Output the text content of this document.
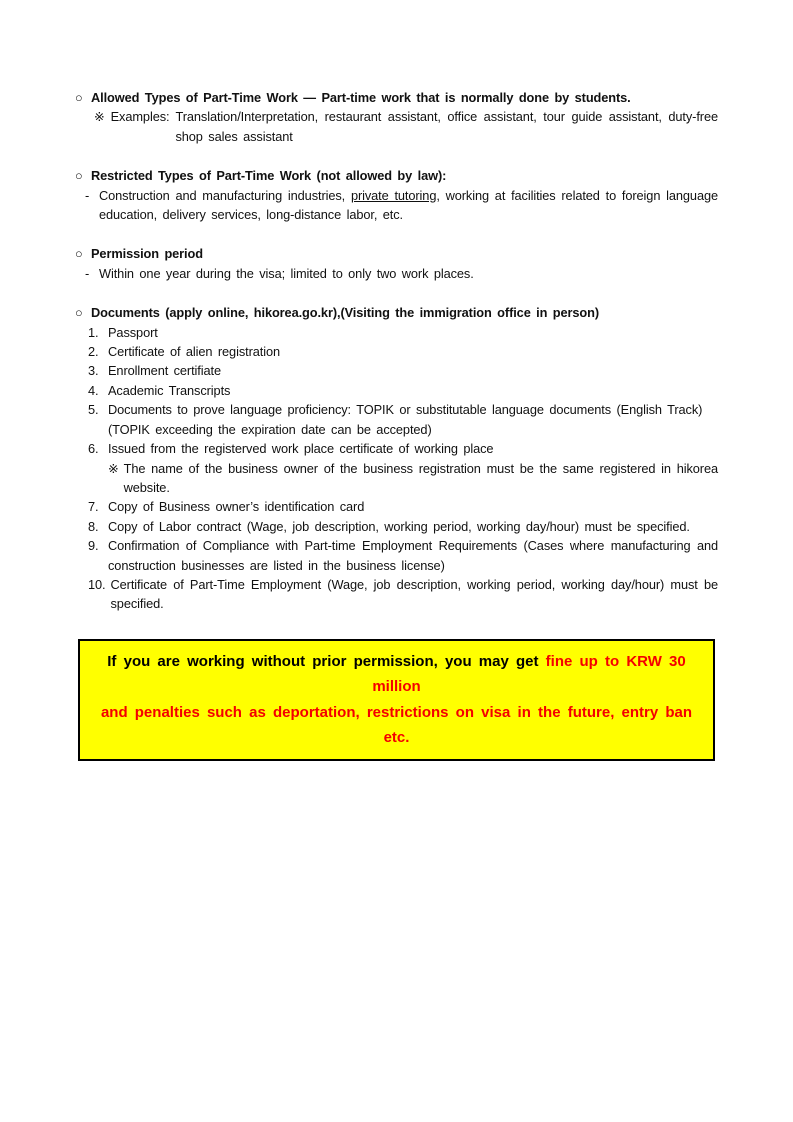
○ Allowed Types of Part-Time Work — Part-time work that is normally done by students.
※ Examples: Translation/Interpretation, restaurant assistant, office assistant, tour guide assistant, duty-free shop sales assistant
○ Restricted Types of Part-Time Work (not allowed by law):
- Construction and manufacturing industries, private tutoring, working at facilities related to foreign language education, delivery services, long-distance labor, etc.
○ Permission period
- Within one year during the visa; limited to only two work places.
○ Documents (apply online, hikorea.go.kr),(Visiting the immigration office in person)
1. Passport
2. Certificate of alien registration
3. Enrollment certifiate
4. Academic Transcripts
5. Documents to prove language proficiency: TOPIK or substitutable language documents (English Track)
(TOPIK exceeding the expiration date can be accepted)
6. Issued from the registerved work place certificate of working place
※ The name of the business owner of the business registration must be the same registered in hikorea website.
7. Copy of Business owner’s identification card
8. Copy of Labor contract (Wage, job description, working period, working day/hour) must be specified.
9. Confirmation of Compliance with Part-time Employment Requirements (Cases where manufacturing and construction businesses are listed in the business license)
10. Certificate of Part-Time Employment (Wage, job description, working period, working day/hour) must be specified.
If you are working without prior permission, you may get fine up to KRW 30 million
and penalties such as deportation, restrictions on visa in the future, entry ban etc.
